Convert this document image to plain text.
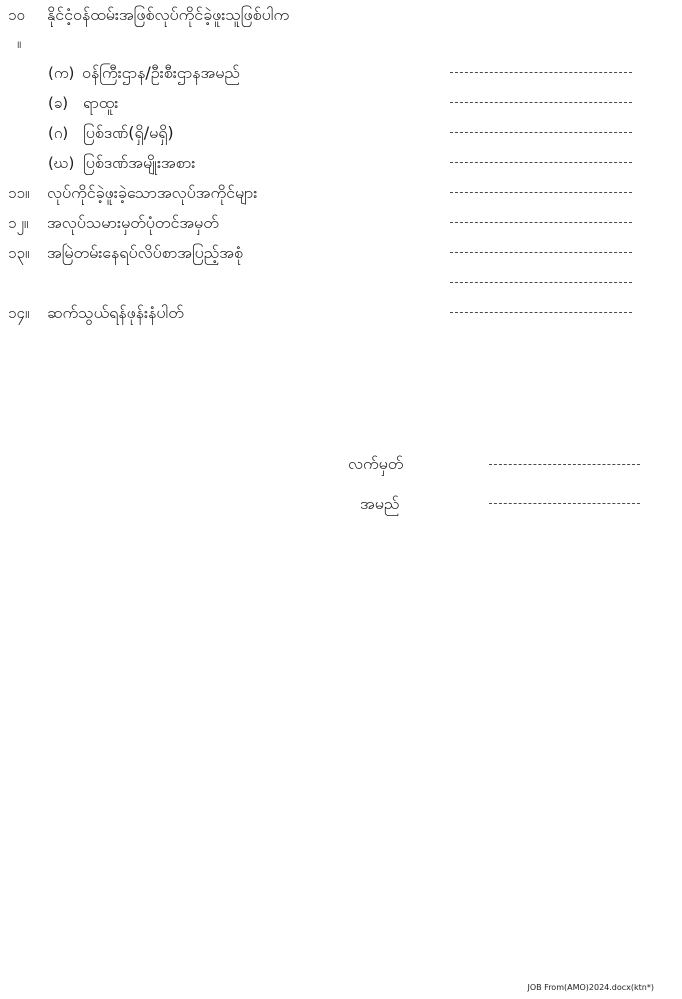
၁၀ နိုင်ငံ့ဝန်ထမ်းအဖြစ်လုပ်ကိုင်ခဲ့ဖူးသူဖြစ်ပါက
။
(က) ဝန်ကြီးဌာန/ဦးစီးဌာနအမည်
(ခ) ရာထူး
(ဂ) ပြစ်ဒဏ်(ရှိ/မရှိ)
(ဃ) ပြစ်ဒဏ်အမျိုးအစား
၁၁။ လုပ်ကိုင်ခဲ့ဖူးခဲ့သောအလုပ်အကိုင်များ
၁၂။ အလုပ်သမားမှတ်ပုံတင်အမှတ်
၁၃။ အမြဲတမ်းနေရပ်လိပ်စာအပြည့်အစုံ
၁၄။ ဆက်သွယ်ရန်ဖုန်းနံပါတ်
လက်မှတ်
အမည်
JOB From(AMO)2024.docx(ktn*)
